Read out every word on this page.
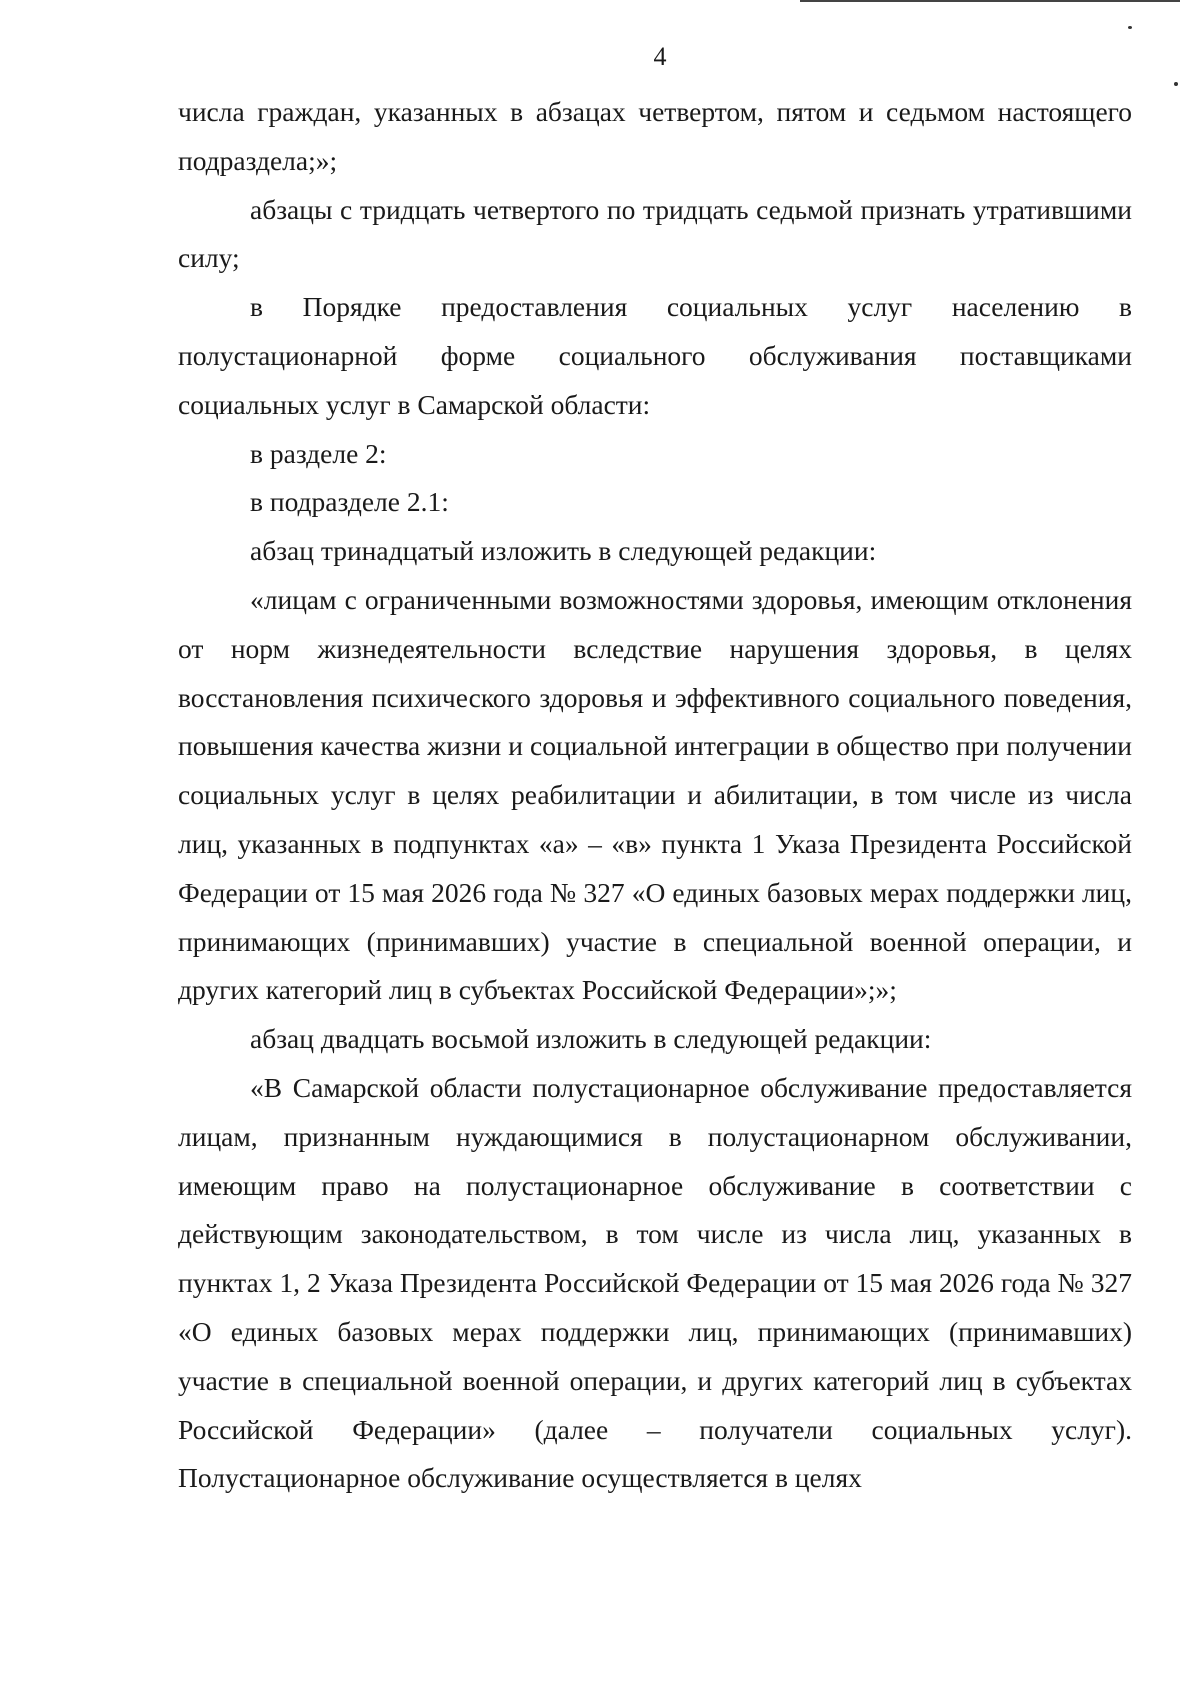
4

числа граждан, указанных в абзацах четвертом, пятом и седьмом настоящего подраздела;»;

абзацы с тридцать четвертого по тридцать седьмой признать утратившими силу;

в Порядке предоставления социальных услуг населению в полустационарной форме социального обслуживания поставщиками социальных услуг в Самарской области:

в разделе 2:

в подразделе 2.1:

абзац тринадцатый изложить в следующей редакции:

«лицам с ограниченными возможностями здоровья, имеющим отклонения от норм жизнедеятельности вследствие нарушения здоровья, в целях восстановления психического здоровья и эффективного социального поведения, повышения качества жизни и социальной интеграции в общество при получении социальных услуг в целях реабилитации и абилитации, в том числе из числа лиц, указанных в подпунктах «а» – «в» пункта 1 Указа Президента Российской Федерации от 15 мая 2026 года № 327 «О единых базовых мерах поддержки лиц, принимающих (принимавших) участие в специальной военной операции, и других категорий лиц в субъектах Российской Федерации»;»;

абзац двадцать восьмой изложить в следующей редакции:

«В Самарской области полустационарное обслуживание предоставляется лицам, признанным нуждающимися в полустационарном обслуживании, имеющим право на полустационарное обслуживание в соответствии с действующим законодательством, в том числе из числа лиц, указанных в пунктах 1, 2 Указа Президента Российской Федерации от 15 мая 2026 года № 327 «О единых базовых мерах поддержки лиц, принимающих (принимавших) участие в специальной военной операции, и других категорий лиц в субъектах Российской Федерации» (далее – получатели социальных услуг). Полустационарное обслуживание осуществляется в целях
